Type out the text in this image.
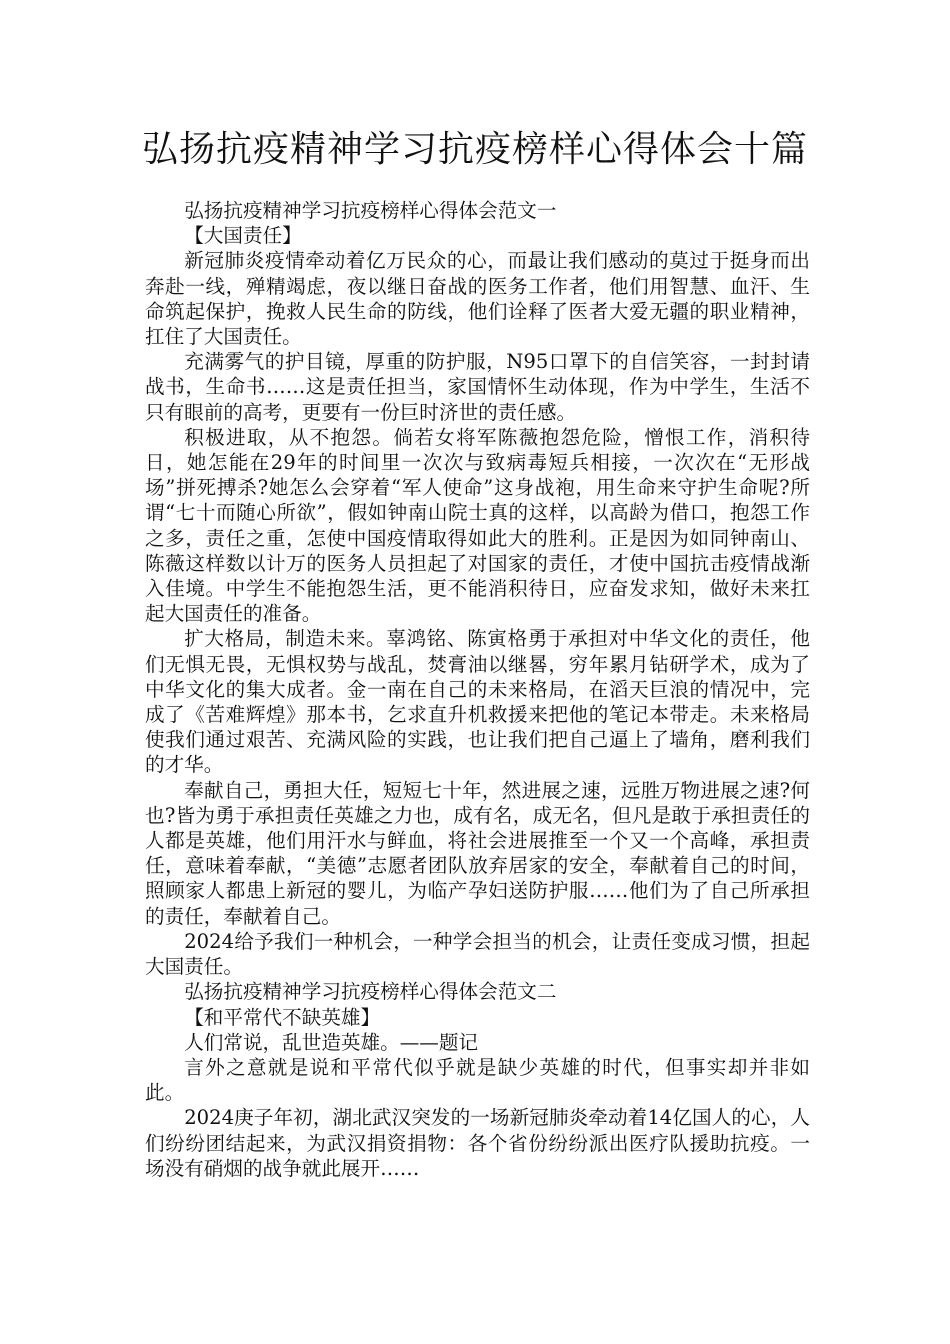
弘扬抗疫精神学习抗疫榜样心得体会十篇

弘扬抗疫精神学习抗疫榜样心得体会范文一

【大国责任】

新冠肺炎疫情牵动着亿万民众的心，而最让我们感动的莫过于挺身而出奔赴一线，殚精竭虑，夜以继日奋战的医务工作者，他们用智慧、血汗、生命筑起保护，挽救人民生命的防线，他们诠释了医者大爱无疆的职业精神，扛住了大国责任。

充满雾气的护目镜，厚重的防护服，N95口罩下的自信笑容，一封封请战书，生命书……这是责任担当，家国情怀生动体现，作为中学生，生活不只有眼前的高考，更要有一份巨时济世的责任感。

积极进取，从不抱怨。倘若女将军陈薇抱怨危险，憎恨工作，消积待日，她怎能在29年的时间里一次次与致病毒短兵相接，一次次在“无形战场”拼死搏杀?她怎么会穿着“军人使命”这身战袍，用生命来守护生命呢?所谓“七十而随心所欲”，假如钟南山院士真的这样，以高龄为借口，抱怨工作之多，责任之重，怎使中国疫情取得如此大的胜利。正是因为如同钟南山、陈薇这样数以计万的医务人员担起了对国家的责任，才使中国抗击疫情战渐入佳境。中学生不能抱怨生活，更不能消积待日，应奋发求知，做好未来扛起大国责任的准备。

扩大格局，制造未来。辜鸿铭、陈寅格勇于承担对中华文化的责任，他们无惧无畏，无惧权势与战乱，焚膏油以继晷，穷年累月钻研学术，成为了中华文化的集大成者。金一南在自己的未来格局，在滔天巨浪的情况中，完成了《苦难辉煌》那本书，乞求直升机救援来把他的笔记本带走。未来格局使我们通过艰苦、充满风险的实践，也让我们把自己逼上了墙角，磨利我们的才华。

奉献自己，勇担大任，短短七十年，然进展之速，远胜万物进展之速?何也?皆为勇于承担责任英雄之力也，成有名，成无名，但凡是敢于承担责任的人都是英雄，他们用汗水与鲜血，将社会进展推至一个又一个高峰，承担责任，意味着奉献，“美德”志愿者团队放弃居家的安全，奉献着自己的时间，照顾家人都患上新冠的婴儿，为临产孕妇送防护服……他们为了自己所承担的责任，奉献着自己。

2024给予我们一种机会，一种学会担当的机会，让责任变成习惯，担起大国责任。

弘扬抗疫精神学习抗疫榜样心得体会范文二

【和平常代不缺英雄】

人们常说，乱世造英雄。——题记

言外之意就是说和平常代似乎就是缺少英雄的时代，但事实却并非如此。

2024庚子年初，湖北武汉突发的一场新冠肺炎牵动着14亿国人的心，人们纷纷团结起来，为武汉捐资捐物：各个省份纷纷派出医疗队援助抗疫。一场没有硝烟的战争就此展开……
